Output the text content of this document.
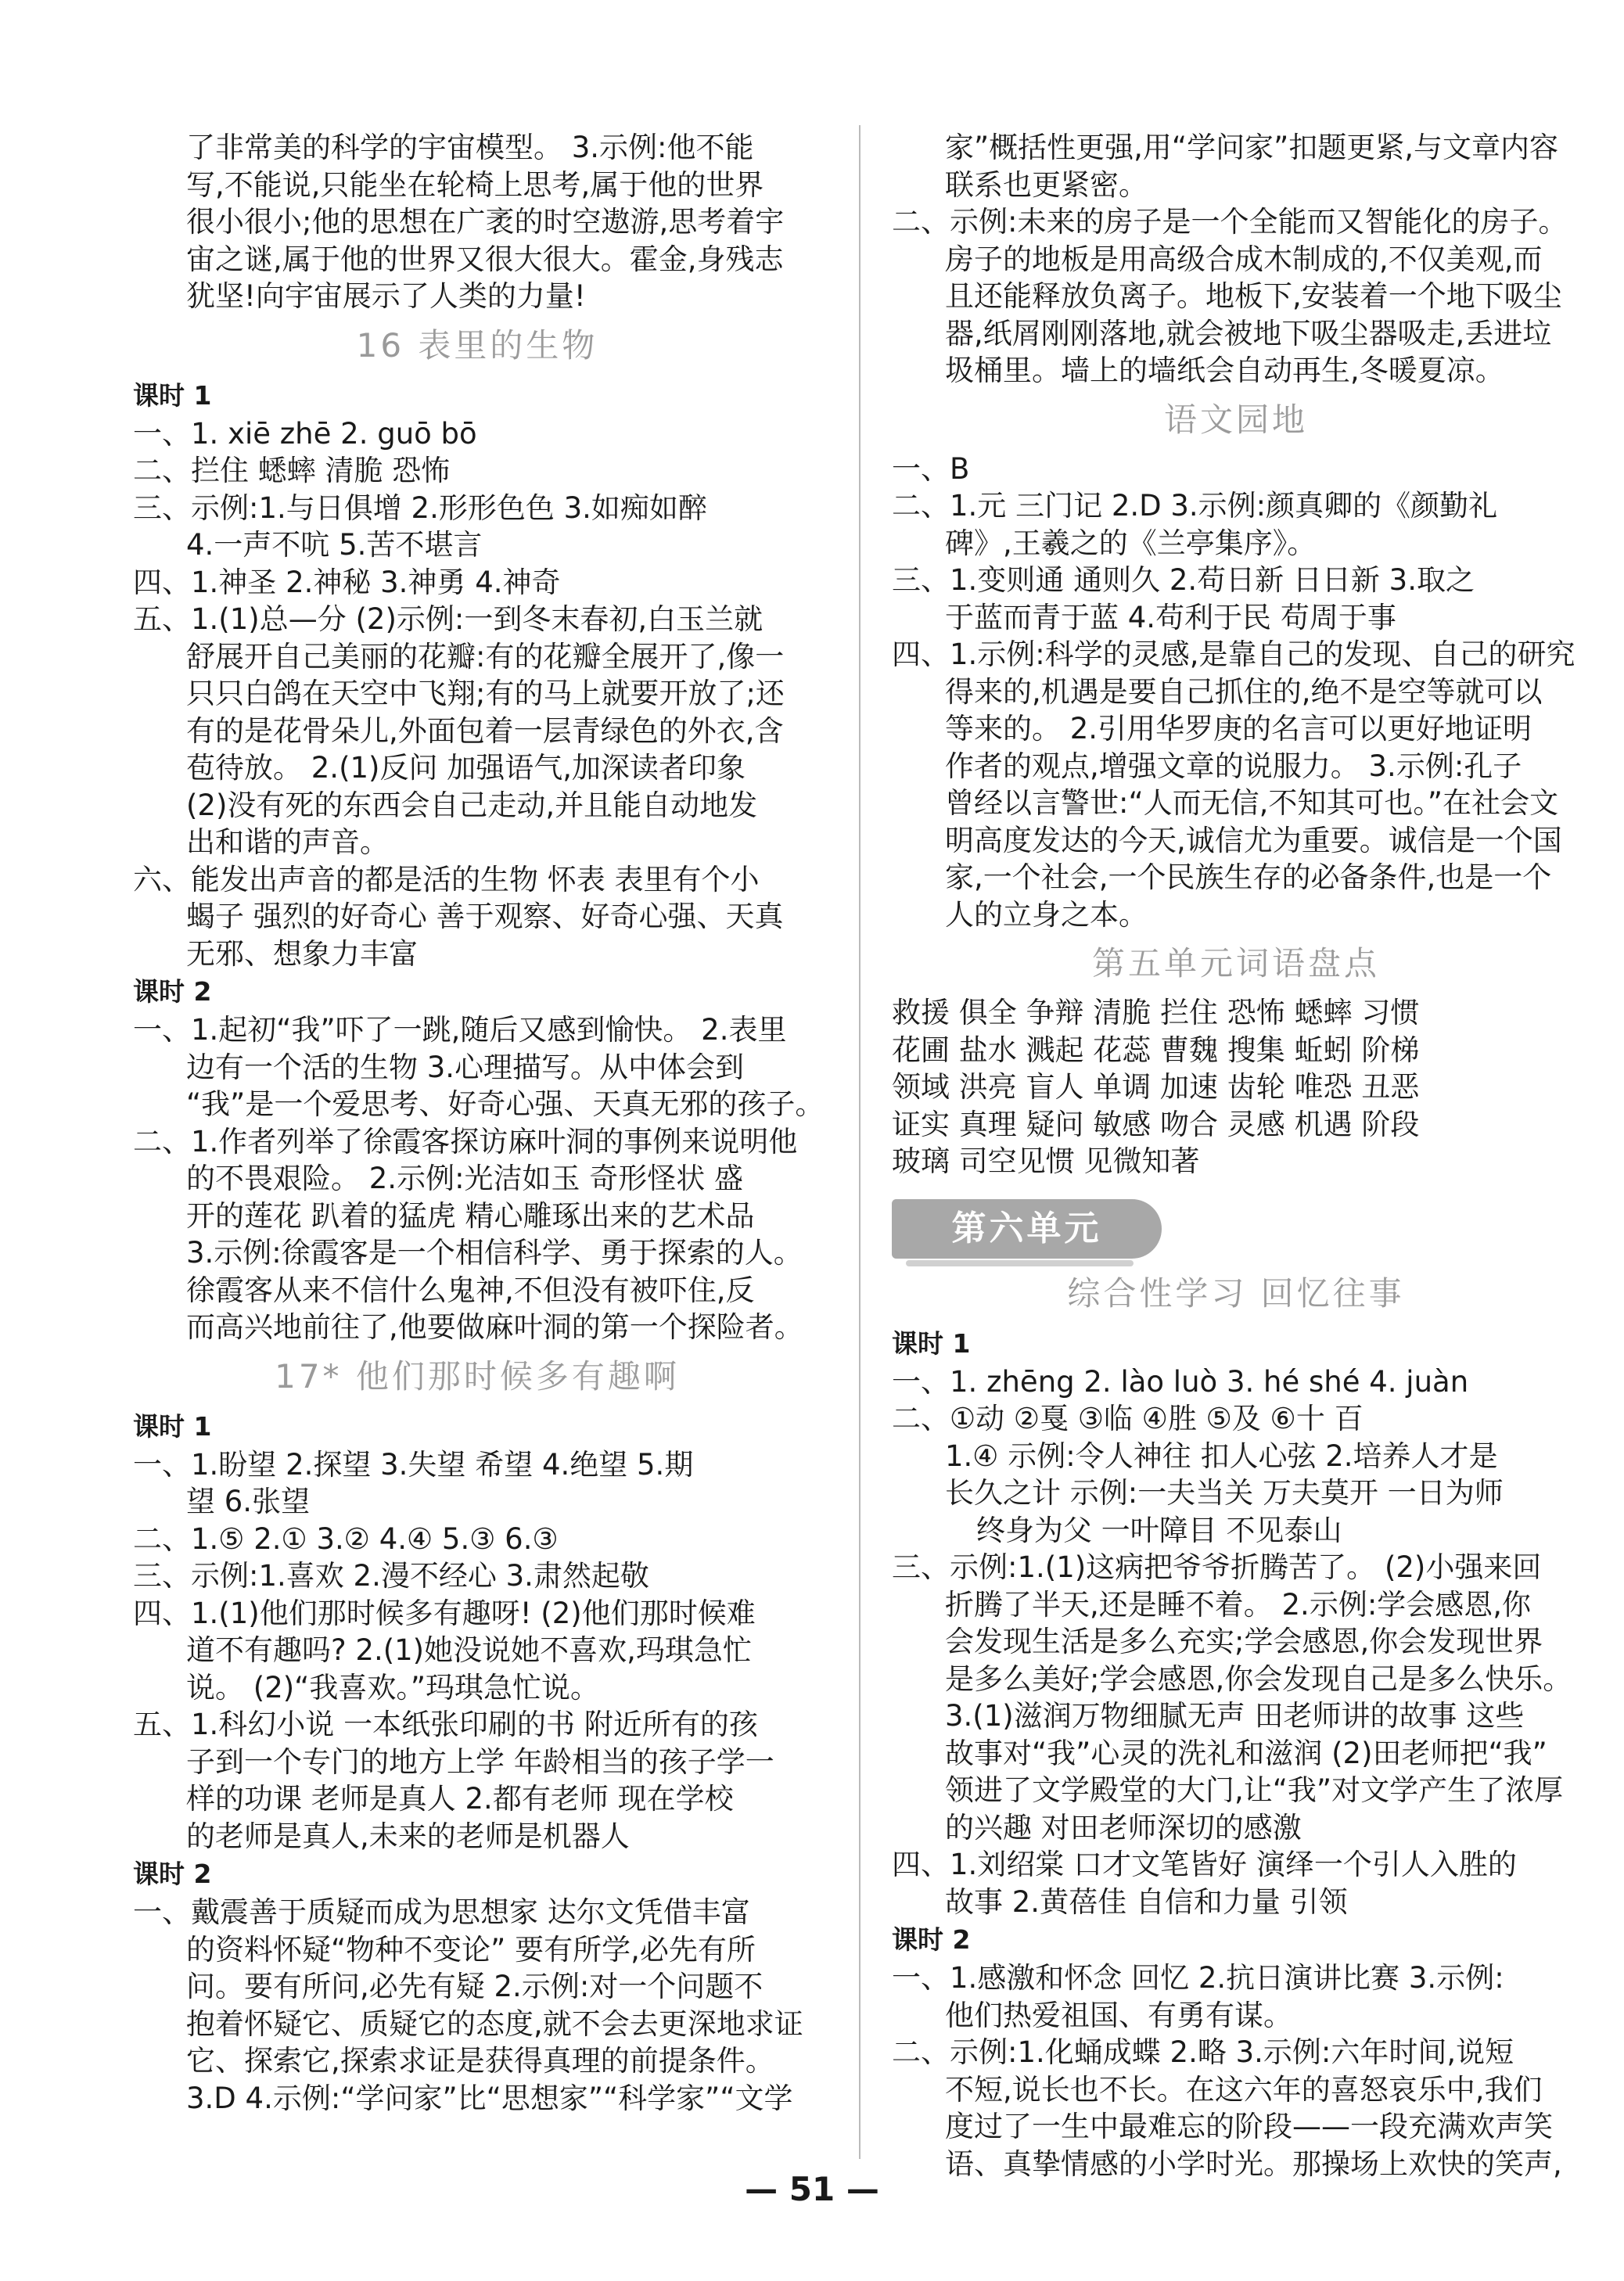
了非常美的科学的宇宙模型。 3.示例:他不能
写,不能说,只能坐在轮椅上思考,属于他的世界
很小很小;他的思想在广袤的时空遨游,思考着宇
宙之谜,属于他的世界又很大很大。霍金,身残志
犹坚!向宇宙展示了人类的力量!
16 表里的生物
课时 1
一、1. xiē zhē 2. guō bō
二、拦住 蟋蟀 清脆 恐怖
三、示例:1.与日俱增 2.形形色色 3.如痴如醉
4.一声不吭 5.苦不堪言
四、1.神圣 2.神秘 3.神勇 4.神奇
五、1.(1)总—分 (2)示例:一到冬末春初,白玉兰就
舒展开自己美丽的花瓣:有的花瓣全展开了,像一
只只白鸽在天空中飞翔;有的马上就要开放了;还
有的是花骨朵儿,外面包着一层青绿色的外衣,含
苞待放。 2.(1)反问 加强语气,加深读者印象
(2)没有死的东西会自己走动,并且能自动地发
出和谐的声音。
六、能发出声音的都是活的生物 怀表 表里有个小
蝎子 强烈的好奇心 善于观察、好奇心强、天真
无邪、想象力丰富
课时 2
一、1.起初“我”吓了一跳,随后又感到愉快。 2.表里
边有一个活的生物 3.心理描写。从中体会到
“我”是一个爱思考、好奇心强、天真无邪的孩子。
二、1.作者列举了徐霞客探访麻叶洞的事例来说明他
的不畏艰险。 2.示例:光洁如玉 奇形怪状 盛
开的莲花 趴着的猛虎 精心雕琢出来的艺术品
3.示例:徐霞客是一个相信科学、勇于探索的人。
徐霞客从来不信什么鬼神,不但没有被吓住,反
而高兴地前往了,他要做麻叶洞的第一个探险者。
17* 他们那时候多有趣啊
课时 1
一、1.盼望 2.探望 3.失望 希望 4.绝望 5.期
望 6.张望
二、1.⑤ 2.① 3.② 4.④ 5.③ 6.③
三、示例:1.喜欢 2.漫不经心 3.肃然起敬
四、1.(1)他们那时候多有趣呀! (2)他们那时候难
道不有趣吗? 2.(1)她没说她不喜欢,玛琪急忙
说。 (2)“我喜欢。”玛琪急忙说。
五、1.科幻小说 一本纸张印刷的书 附近所有的孩
子到一个专门的地方上学 年龄相当的孩子学一
样的功课 老师是真人 2.都有老师 现在学校
的老师是真人,未来的老师是机器人
课时 2
一、戴震善于质疑而成为思想家 达尔文凭借丰富
的资料怀疑“物种不变论” 要有所学,必先有所
问。要有所问,必先有疑 2.示例:对一个问题不
抱着怀疑它、质疑它的态度,就不会去更深地求证
它、探索它,探索求证是获得真理的前提条件。
3.D 4.示例:“学问家”比“思想家”“科学家”“文学
家”概括性更强,用“学问家”扣题更紧,与文章内容
联系也更紧密。
二、示例:未来的房子是一个全能而又智能化的房子。
房子的地板是用高级合成木制成的,不仅美观,而
且还能释放负离子。地板下,安装着一个地下吸尘
器,纸屑刚刚落地,就会被地下吸尘器吸走,丢进垃
圾桶里。墙上的墙纸会自动再生,冬暖夏凉。
语文园地
一、B
二、1.元 三门记 2.D 3.示例:颜真卿的《颜勤礼
碑》,王羲之的《兰亭集序》。
三、1.变则通 通则久 2.苟日新 日日新 3.取之
于蓝而青于蓝 4.苟利于民 苟周于事
四、1.示例:科学的灵感,是靠自己的发现、自己的研究
得来的,机遇是要自己抓住的,绝不是空等就可以
等来的。 2.引用华罗庚的名言可以更好地证明
作者的观点,增强文章的说服力。 3.示例:孔子
曾经以言警世:“人而无信,不知其可也。”在社会文
明高度发达的今天,诚信尤为重要。诚信是一个国
家,一个社会,一个民族生存的必备条件,也是一个
人的立身之本。
第五单元词语盘点
救援 俱全 争辩 清脆 拦住 恐怖 蟋蟀 习惯
花圃 盐水 溅起 花蕊 曹魏 搜集 蚯蚓 阶梯
领域 洪亮 盲人 单调 加速 齿轮 唯恐 丑恶
证实 真理 疑问 敏感 吻合 灵感 机遇 阶段
玻璃 司空见惯 见微知著
第六单元
综合性学习 回忆往事
课时 1
一、1. zhēng 2. lào luò 3. hé shé 4. juàn
二、①动 ②戛 ③临 ④胜 ⑤及 ⑥十 百
1.④ 示例:令人神往 扣人心弦 2.培养人才是
长久之计 示例:一夫当关 万夫莫开 一日为师
终身为父 一叶障目 不见泰山
三、示例:1.(1)这病把爷爷折腾苦了。 (2)小强来回
折腾了半天,还是睡不着。 2.示例:学会感恩,你
会发现生活是多么充实;学会感恩,你会发现世界
是多么美好;学会感恩,你会发现自己是多么快乐。
3.(1)滋润万物细腻无声 田老师讲的故事 这些
故事对“我”心灵的洗礼和滋润 (2)田老师把“我”
领进了文学殿堂的大门,让“我”对文学产生了浓厚
的兴趣 对田老师深切的感激
四、1.刘绍棠 口才文笔皆好 演绎一个引人入胜的
故事 2.黄蓓佳 自信和力量 引领
课时 2
一、1.感激和怀念 回忆 2.抗日演讲比赛 3.示例:
他们热爱祖国、有勇有谋。
二、示例:1.化蛹成蝶 2.略 3.示例:六年时间,说短
不短,说长也不长。在这六年的喜怒哀乐中,我们
度过了一生中最难忘的阶段——一段充满欢声笑
语、真挚情感的小学时光。那操场上欢快的笑声,
— 51 —
